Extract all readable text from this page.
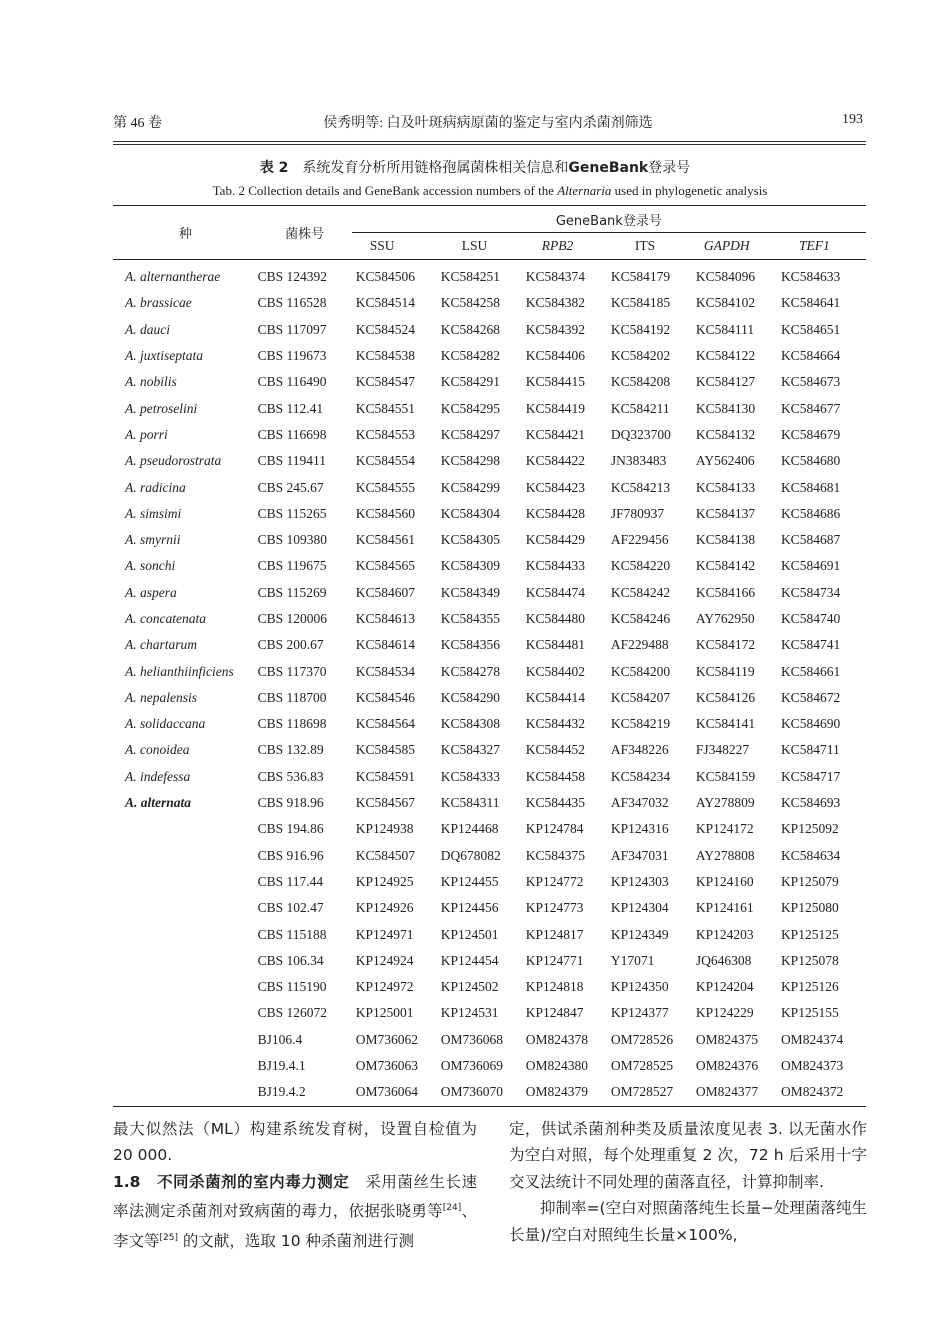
第 46 卷	侯秀明等: 白及叶斑病病原菌的鉴定与室内杀菌剂筛选	193
表 2 系统发育分析所用链格孢属菌株相关信息和GeneBank登录号
Tab. 2 Collection details and GeneBank accession numbers of the Alternaria used in phylogenetic analysis
种	菌株号	GeneBank登录号					
		SSU	LSU	RPB2	ITS	GAPDH	TEF1
A. alternantherae	CBS 124392	KC584506	KC584251	KC584374	KC584179	KC584096	KC584633
A. brassicae	CBS 116528	KC584514	KC584258	KC584382	KC584185	KC584102	KC584641
A. dauci	CBS 117097	KC584524	KC584268	KC584392	KC584192	KC584111	KC584651
A. juxtiseptata	CBS 119673	KC584538	KC584282	KC584406	KC584202	KC584122	KC584664
A. nobilis	CBS 116490	KC584547	KC584291	KC584415	KC584208	KC584127	KC584673
A. petroselini	CBS 112.41	KC584551	KC584295	KC584419	KC584211	KC584130	KC584677
A. porri	CBS 116698	KC584553	KC584297	KC584421	DQ323700	KC584132	KC584679
A. pseudorostrata	CBS 119411	KC584554	KC584298	KC584422	JN383483	AY562406	KC584680
A. radicina	CBS 245.67	KC584555	KC584299	KC584423	KC584213	KC584133	KC584681
A. simsimi	CBS 115265	KC584560	KC584304	KC584428	JF780937	KC584137	KC584686
A. smyrnii	CBS 109380	KC584561	KC584305	KC584429	AF229456	KC584138	KC584687
A. sonchi	CBS 119675	KC584565	KC584309	KC584433	KC584220	KC584142	KC584691
A. aspera	CBS 115269	KC584607	KC584349	KC584474	KC584242	KC584166	KC584734
A. concatenata	CBS 120006	KC584613	KC584355	KC584480	KC584246	AY762950	KC584740
A. chartarum	CBS 200.67	KC584614	KC584356	KC584481	AF229488	KC584172	KC584741
A. helianthiinficiens	CBS 117370	KC584534	KC584278	KC584402	KC584200	KC584119	KC584661
A. nepalensis	CBS 118700	KC584546	KC584290	KC584414	KC584207	KC584126	KC584672
A. solidaccana	CBS 118698	KC584564	KC584308	KC584432	KC584219	KC584141	KC584690
A. conoidea	CBS 132.89	KC584585	KC584327	KC584452	AF348226	FJ348227	KC584711
A. indefessa	CBS 536.83	KC584591	KC584333	KC584458	KC584234	KC584159	KC584717
A. alternata	CBS 918.96	KC584567	KC584311	KC584435	AF347032	AY278809	KC584693
	CBS 194.86	KP124938	KP124468	KP124784	KP124316	KP124172	KP125092
	CBS 916.96	KC584507	DQ678082	KC584375	AF347031	AY278808	KC584634
	CBS 117.44	KP124925	KP124455	KP124772	KP124303	KP124160	KP125079
	CBS 102.47	KP124926	KP124456	KP124773	KP124304	KP124161	KP125080
	CBS 115188	KP124971	KP124501	KP124817	KP124349	KP124203	KP125125
	CBS 106.34	KP124924	KP124454	KP124771	Y17071	JQ646308	KP125078
	CBS 115190	KP124972	KP124502	KP124818	KP124350	KP124204	KP125126
	CBS 126072	KP125001	KP124531	KP124847	KP124377	KP124229	KP125155
	BJ106.4	OM736062	OM736068	OM824378	OM728526	OM824375	OM824374
	BJ19.4.1	OM736063	OM736069	OM824380	OM728525	OM824376	OM824373
	BJ19.4.2	OM736064	OM736070	OM824379	OM728527	OM824377	OM824372

最大似然法（ML）构建系统发育树，设置自检值为 20 000.

1.8　不同杀菌剂的室内毒力测定　采用菌丝生长速率法测定杀菌剂对致病菌的毒力，依据张晓勇等[24]、李文等[25] 的文献，选取 10 种杀菌剂进行测

定，供试杀菌剂种类及质量浓度见表 3. 以无菌水作为空白对照，每个处理重复 2 次，72 h 后采用十字交叉法统计不同处理的菌落直径，计算抑制率.

抑制率=(空白对照菌落纯生长量−处理菌落纯生长量)/空白对照纯生长量×100%,
